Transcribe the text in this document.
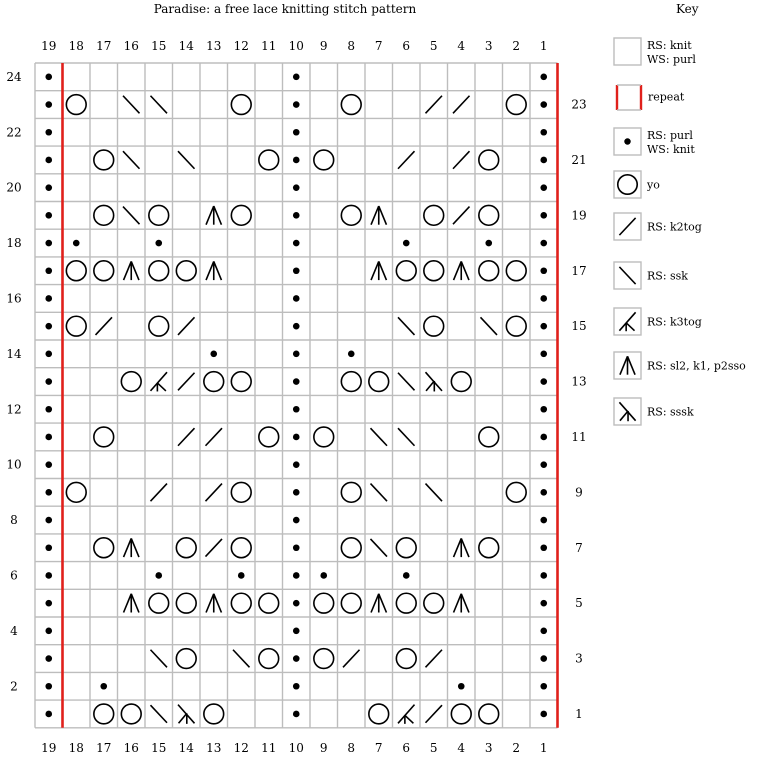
Paradise: a free lace knitting stitch pattern	Key
19
19
18
18
17
17
16
16
15
15
14
14
13
13
12
12
11
11
10
10
9
9
8
8
7
7
6
6
5
5
4
4
3
3
2
2
1
1
2
4
6
8
10
12
14
16
18
20
22
24
1
3
5
7
9
11
13
15
17
19
21
23
RS: knit
WS: purl
repeat
RS: purl
WS: knit
yo
RS: k2tog
RS: ssk
RS: k3tog
RS: sl2, k1, p2sso
RS: sssk
